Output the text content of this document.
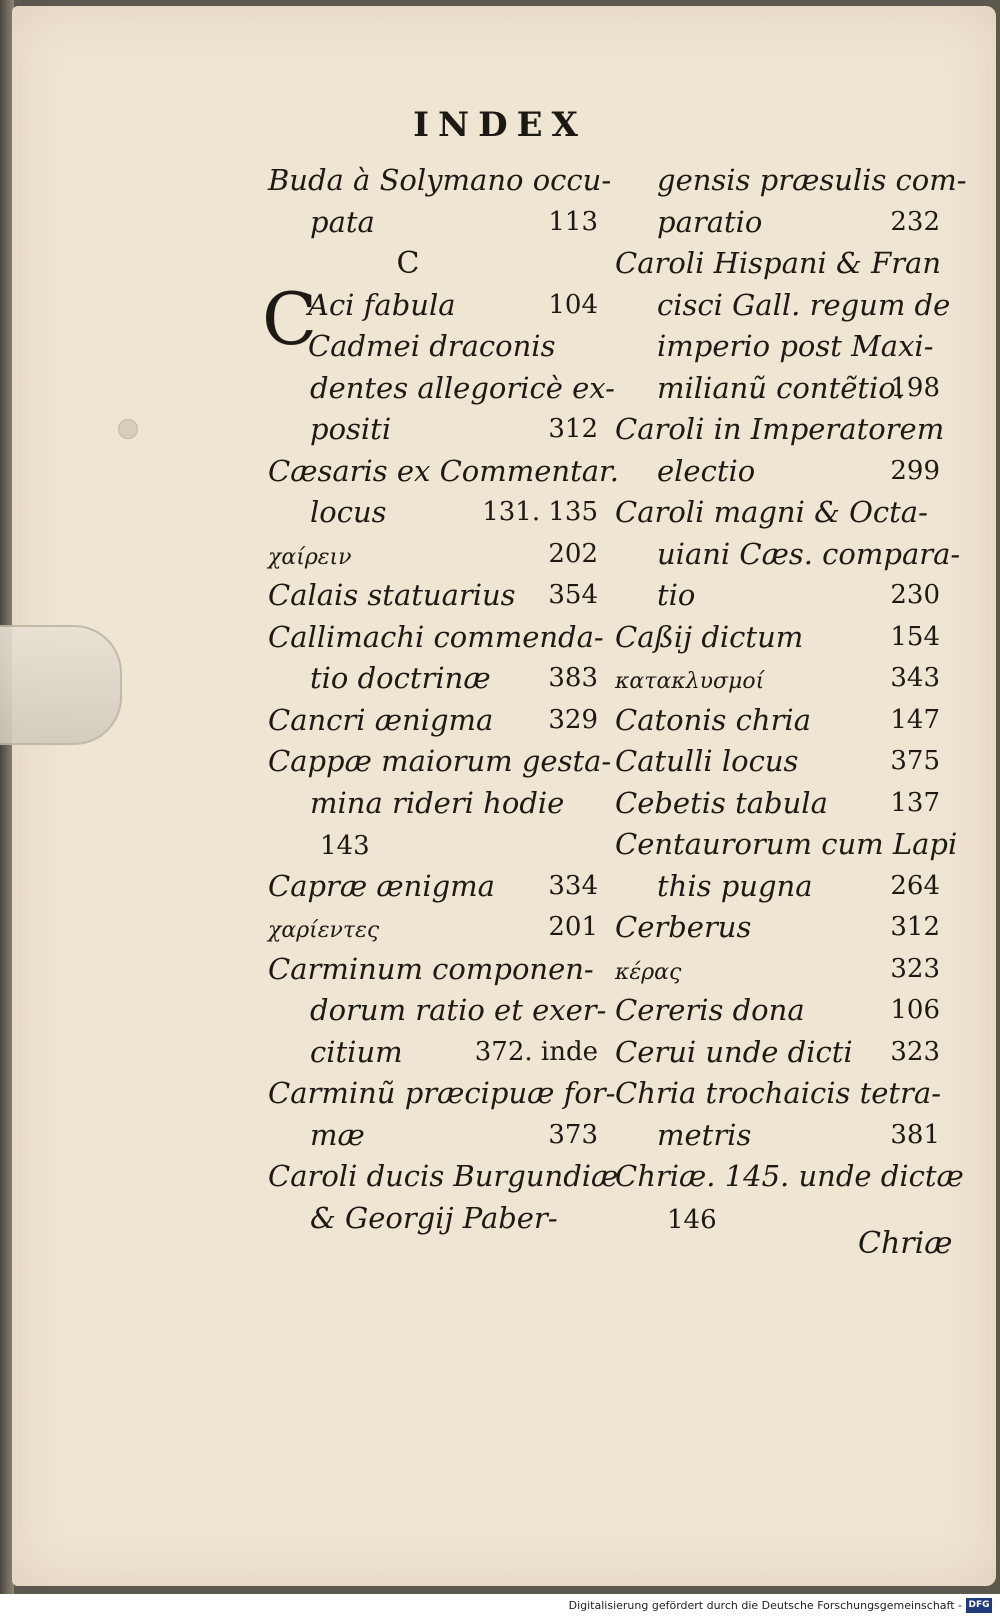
INDEX
Buda à Solymano occu-
pata	113
C
C
Aci fabula	104
Cadmei draconis
dentes allegoricè ex-
positi	312
Cæsaris ex Commentar.
locus	131. 135
χαίρειν	202
Calais statuarius 354
Callimachi commenda-
tio doctrinæ 383
Cancri ænigma 329
Cappæ maiorum gesta-
mina rideri hodie
143
Capræ ænigma 334
χαρίεντες	201
Carminum componen-
dorum ratio et exer-
citium	372. inde
Carminũ præcipuæ for-
mæ	373
Caroli ducis Burgundiæ
& Georgij Paber-
gensis præsulis com-
paratio	232
Caroli Hispani & Fran
cisci Gall. regum de
imperio post Maxi-
milianũ contẽtio.
198
Caroli in Imperatorem
electio	299
Caroli magni & Octa-
uiani Cæs. compara-
tio	230
Caßij dictum	154
κατακλυσμοί	343
Catonis chria	147
Catulli locus	375
Cebetis tabula 137
Centaurorum cum Lapi
this pugna	264
Cerberus	312
κέρας	323
Cereris dona	106
Cerui unde dicti 323
Chria trochaicis tetra-
metris	381
Chriæ. 145. unde dictæ
146
Chriæ
Digitalisierung gefördert durch die Deutsche Forschungsgemeinschaft - DFG
